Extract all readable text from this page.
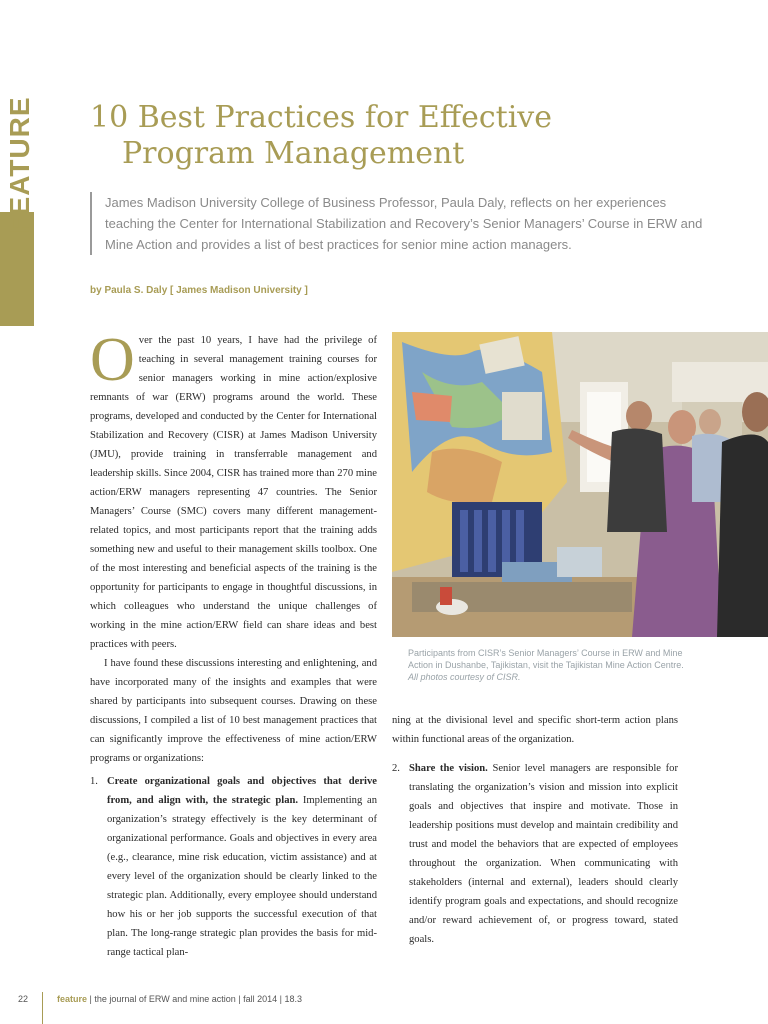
FEATURE 10 Best Practices for Effective
Program Management

James Madison University College of Business Professor, Paula Daly, reflects on her experiences teaching the Center for International Stabilization and Recovery’s Senior Managers’ Course in ERW and Mine Action and provides a list of best practices for senior mine action managers.

by Paula S. Daly [ James Madison University ]

Over the past 10 years, I have had the privilege of teaching in several management training courses for senior managers working in mine action/explosive remnants of war (ERW) programs around the world. These programs, developed and conducted by the Center for International Stabilization and Recovery (CISR) at James Madison University (JMU), provide training in transferrable management and leadership skills. Since 2004, CISR has trained more than 270 mine action/ERW managers representing 47 countries. The Senior Managers’ Course (SMC) covers many different management-related topics, and most participants report that the training adds something new and useful to their management skills toolbox. One of the most interesting and beneficial aspects of the training is the opportunity for participants to engage in thoughtful discussions, in which colleagues who understand the unique challenges of working in the mine action/ERW field can share ideas and best practices with peers.

I have found these discussions interesting and enlightening, and have incorporated many of the insights and examples that were shared by participants into subsequent courses. Drawing on these discussions, I compiled a list of 10 best management practices that can significantly improve the effectiveness of mine action/ERW programs or organizations:

1. Create organizational goals and objectives that derive from, and align with, the strategic plan. Implementing an organization’s strategy effectively is the key determinant of organizational performance. Goals and objectives in every area (e.g., clearance, mine risk education, victim assistance) and at every level of the organization should be clearly linked to the strategic plan. Additionally, every employee should understand how his or her job supports the successful execution of that plan. The long-range strategic plan provides the basis for mid-range tactical plan-

Participants from CISR’s Senior Managers’ Course in ERW and Mine Action in Dushanbe, Tajikistan, visit the Tajikistan Mine Action Centre.
All photos courtesy of CISR.

ning at the divisional level and specific short-term action plans within functional areas of the organization.

2. Share the vision. Senior level managers are responsible for translating the organization’s vision and mission into explicit goals and objectives that inspire and motivate. Those in leadership positions must develop and maintain credibility and trust and model the behaviors that are expected of employees throughout the organization. When communicating with stakeholders (internal and external), leaders should clearly identify program goals and expectations, and should recognize and/or reward achievement of, or progress toward, stated goals.

22	feature | the journal of ERW and mine action | fall 2014 | 18.3
